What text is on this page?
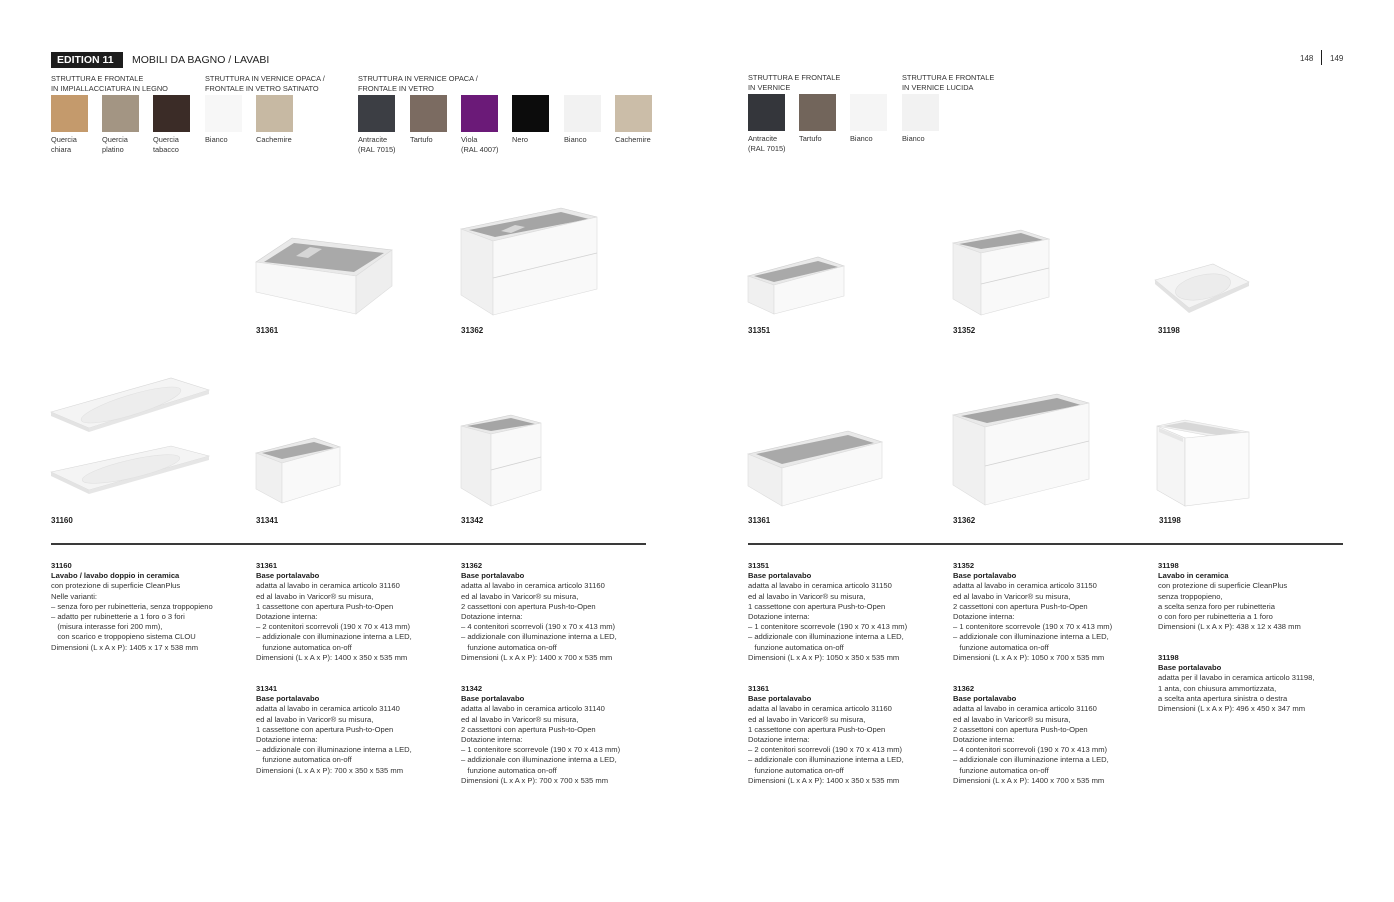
EDITION 11	MOBILI DA BAGNO / LAVABI	148 149
STRUTTURA E FRONTALE
IN IMPIALLACCIATURA IN LEGNO
STRUTTURA IN VERNICE OPACA /
FRONTALE IN VETRO SATINATO
STRUTTURA IN VERNICE OPACA /
FRONTALE IN VETRO
STRUTTURA E FRONTALE
IN VERNICE
STRUTTURA E FRONTALE
IN VERNICE LUCIDA
Quercia
chiara
Quercia
platino
Quercia
tabacco
Bianco	Cachemire	Antracite
(RAL 7015)
Tartufo	Viola
(RAL 4007)
Nero	Bianco	Cachemire	Antracite
(RAL 7015)
Tartufo	Bianco	Bianco
31361	31362	31351	31352	31198
31160	31341	31342	31361	31362	31198
31160
Lavabo / lavabo doppio in ceramica
con protezione di superficie CleanPlus
Nelle varianti:
– senza foro per rubinetteria, senza troppopieno
– adatto per rubinetterie a 1 foro o 3 fori
(misura interasse fori 200 mm),
con scarico e troppopieno sistema CLOU
Dimensioni (L x A x P): 1405 x 17 x 538 mm
31361
Base portalavabo
adatta al lavabo in ceramica articolo 31160
ed al lavabo in Varicor® su misura,
1 cassettone con apertura Push-to-Open
Dotazione interna:
– 2 contenitori scorrevoli (190 x 70 x 413 mm)
– addizionale con illuminazione interna a LED,
funzione automatica on-off
Dimensioni (L x A x P): 1400 x 350 x 535 mm
31362
Base portalavabo
adatta al lavabo in ceramica articolo 31160
ed al lavabo in Varicor® su misura,
2 cassettoni con apertura Push-to-Open
Dotazione interna:
– 4 contenitori scorrevoli (190 x 70 x 413 mm)
– addizionale con illuminazione interna a LED,
funzione automatica on-off
Dimensioni (L x A x P): 1400 x 700 x 535 mm
31341
Base portalavabo
adatta al lavabo in ceramica articolo 31140
ed al lavabo in Varicor® su misura,
1 cassettone con apertura Push-to-Open
Dotazione interna:
– addizionale con illuminazione interna a LED,
funzione automatica on-off
Dimensioni (L x A x P): 700 x 350 x 535 mm
31342
Base portalavabo
adatta al lavabo in ceramica articolo 31140
ed al lavabo in Varicor® su misura,
2 cassettoni con apertura Push-to-Open
Dotazione interna:
– 1 contenitore scorrevole (190 x 70 x 413 mm)
– addizionale con illuminazione interna a LED,
funzione automatica on-off
Dimensioni (L x A x P): 700 x 700 x 535 mm
31351
Base portalavabo
adatta al lavabo in ceramica articolo 31150
ed al lavabo in Varicor® su misura,
1 cassettone con apertura Push-to-Open
Dotazione interna:
– 1 contenitore scorrevole (190 x 70 x 413 mm)
– addizionale con illuminazione interna a LED,
funzione automatica on-off
Dimensioni (L x A x P): 1050 x 350 x 535 mm
31352
Base portalavabo
adatta al lavabo in ceramica articolo 31150
ed al lavabo in Varicor® su misura,
2 cassettoni con apertura Push-to-Open
Dotazione interna:
– 1 contenitore scorrevole (190 x 70 x 413 mm)
– addizionale con illuminazione interna a LED,
funzione automatica on-off
Dimensioni (L x A x P): 1050 x 700 x 535 mm
31198
Lavabo in ceramica
con protezione di superficie CleanPlus
senza troppopieno,
a scelta senza foro per rubinetteria
o con foro per rubinetteria a 1 foro
Dimensioni (L x A x P): 438 x 12 x 438 mm
31361
Base portalavabo
adatta al lavabo in ceramica articolo 31160
ed al lavabo in Varicor® su misura,
1 cassettone con apertura Push-to-Open
Dotazione interna:
– 2 contenitori scorrevoli (190 x 70 x 413 mm)
– addizionale con illuminazione interna a LED,
funzione automatica on-off
Dimensioni (L x A x P): 1400 x 350 x 535 mm
31362
Base portalavabo
adatta al lavabo in ceramica articolo 31160
ed al lavabo in Varicor® su misura,
2 cassettoni con apertura Push-to-Open
Dotazione interna:
– 4 contenitori scorrevoli (190 x 70 x 413 mm)
– addizionale con illuminazione interna a LED,
funzione automatica on-off
Dimensioni (L x A x P): 1400 x 700 x 535 mm
31198
Base portalavabo
adatta per il lavabo in ceramica articolo 31198,
1 anta, con chiusura ammortizzata,
a scelta anta apertura sinistra o destra
Dimensioni (L x A x P): 496 x 450 x 347 mm
